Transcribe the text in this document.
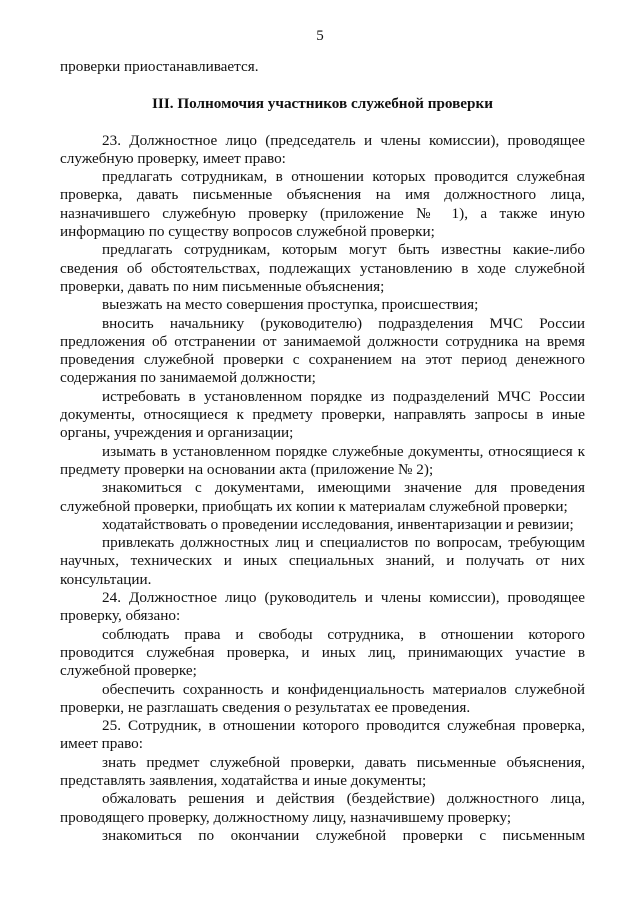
5

проверки приостанавливается.

III. Полномочия участников служебной проверки

23. Должностное лицо (председатель и члены комиссии), проводящее служебную проверку, имеет право:

предлагать сотрудникам, в отношении которых проводится служебная проверка, давать письменные объяснения на имя должностного лица, назначившего служебную проверку (приложение № 1), а также иную информацию по существу вопросов служебной проверки;

предлагать сотрудникам, которым могут быть известны какие-либо сведения об обстоятельствах, подлежащих установлению в ходе служебной проверки, давать по ним письменные объяснения;

выезжать на место совершения проступка, происшествия;

вносить начальнику (руководителю) подразделения МЧС России предложения об отстранении от занимаемой должности сотрудника на время проведения служебной проверки с сохранением на этот период денежного содержания по занимаемой должности;

истребовать в установленном порядке из подразделений МЧС России документы, относящиеся к предмету проверки, направлять запросы в иные органы, учреждения и организации;

изымать в установленном порядке служебные документы, относящиеся к предмету проверки на основании акта (приложение № 2);

знакомиться с документами, имеющими значение для проведения служебной проверки, приобщать их копии к материалам служебной проверки;

ходатайствовать о проведении исследования, инвентаризации и ревизии;

привлекать должностных лиц и специалистов по вопросам, требующим научных, технических и иных специальных знаний, и получать от них консультации.

24. Должностное лицо (руководитель и члены комиссии), проводящее проверку, обязано:

соблюдать права и свободы сотрудника, в отношении которого проводится служебная проверка, и иных лиц, принимающих участие в служебной проверке;

обеспечить сохранность и конфиденциальность материалов служебной проверки, не разглашать сведения о результатах ее проведения.

25. Сотрудник, в отношении которого проводится служебная проверка, имеет право:

знать предмет служебной проверки, давать письменные объяснения, представлять заявления, ходатайства и иные документы;

обжаловать решения и действия (бездействие) должностного лица, проводящего проверку, должностному лицу, назначившему проверку;

знакомиться по окончании служебной проверки с письменным
